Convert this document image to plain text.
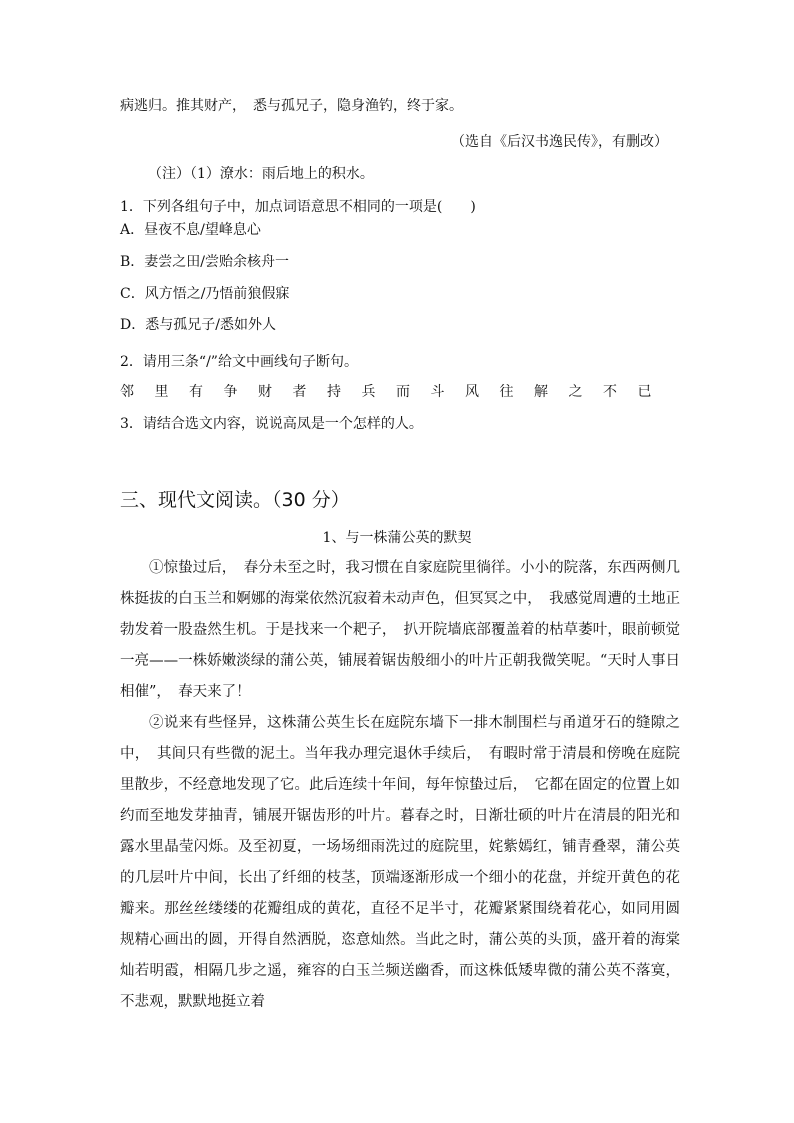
病逃归。推其财产，　悉与孤兄子，隐身渔钓，终于家。
（选自《后汉书逸民传》，有删改）
（注）（1）潦水：雨后地上的积水。
1．下列各组句子中，加点词语意思不相同的一项是(　　)
A．昼夜不息/望峰息心
B．妻尝之田/尝贻余核舟一
C．风方悟之/乃悟前狼假寐
D．悉与孤兄子/悉如外人
2．请用三条“/”给文中画线句子断句。
邻里有争财者持兵而斗风往解之不已
3．请结合选文内容，说说高凤是一个怎样的人。
三、现代文阅读。（30 分）
1、与一株蒲公英的默契

①惊蛰过后，　春分未至之时，我习惯在自家庭院里徜徉。小小的院落，东西两侧几株挺拔的白玉兰和婀娜的海棠依然沉寂着未动声色，但冥冥之中，　我感觉周遭的土地正勃发着一股盎然生机。于是找来一个耙子，　扒开院墙底部覆盖着的枯草萎叶，眼前顿觉一亮——一株娇嫩淡绿的蒲公英，铺展着锯齿般细小的叶片正朝我微笑呢。“天时人事日相催”，　春天来了！

②说来有些怪异，这株蒲公英生长在庭院东墙下一排木制围栏与甬道牙石的缝隙之中，　其间只有些微的泥土。当年我办理完退休手续后，　有暇时常于清晨和傍晚在庭院里散步，不经意地发现了它。此后连续十年间，每年惊蛰过后，　它都在固定的位置上如约而至地发芽抽青，铺展开锯齿形的叶片。暮春之时，日渐壮硕的叶片在清晨的阳光和露水里晶莹闪烁。及至初夏，一场场细雨洗过的庭院里，姹紫嫣红，铺青叠翠，蒲公英的几层叶片中间，长出了纤细的枝茎，顶端逐渐形成一个细小的花盘，并绽开黄色的花瓣来。那丝丝缕缕的花瓣组成的黄花，直径不足半寸，花瓣紧紧围绕着花心，如同用圆规精心画出的圆，开得自然洒脱，恣意灿然。当此之时，蒲公英的头顶，盛开着的海棠灿若明霞，相隔几步之遥，雍容的白玉兰频送幽香，而这株低矮卑微的蒲公英不落寞，不悲观，默默地挺立着
